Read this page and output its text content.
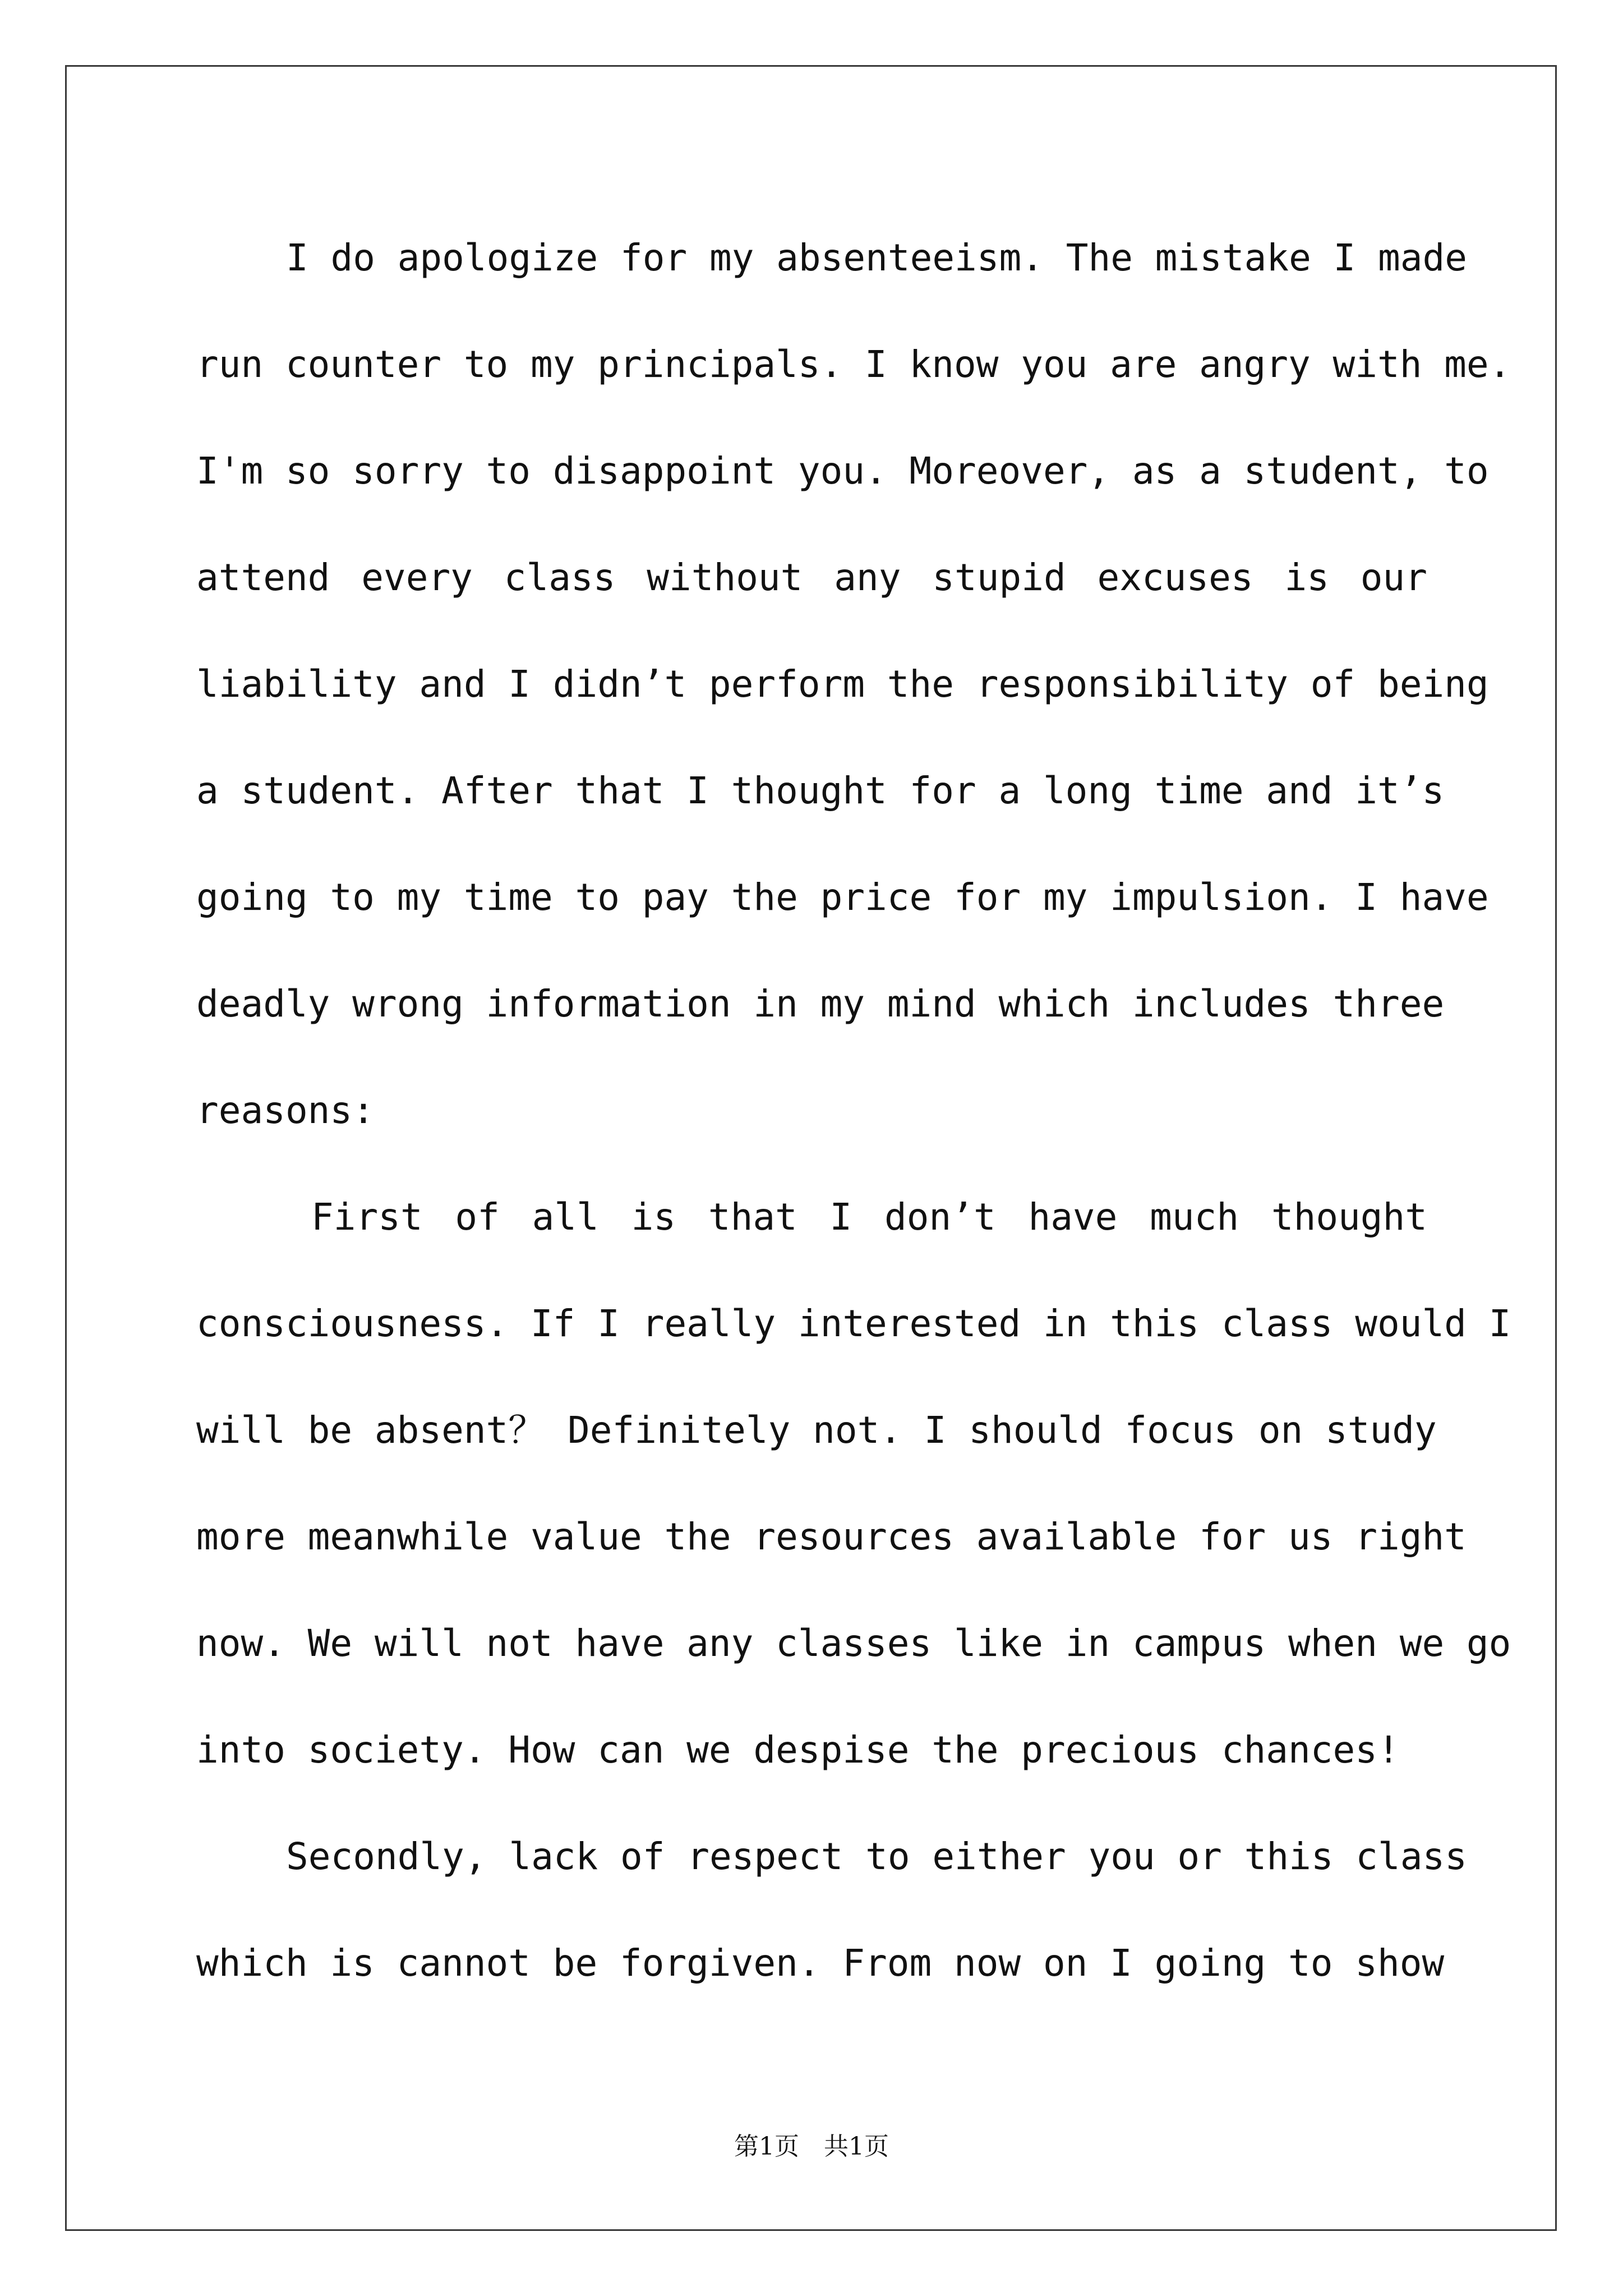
I do apologize for my absenteeism. The mistake I made
run counter to my principals. I know you are angry with me.
I'm so sorry to disappoint you. Moreover, as a student, to
attend every class without any stupid excuses is our
liability and I didn’t perform the responsibility of being
a student. After that I thought for a long time and it’s
going to my time to pay the price for my impulsion. I have
deadly wrong information in my mind which includes three
reasons:
First of all is that I don’t have much thought
consciousness. If I really interested in this class would I
will be absent？ Definitely not. I should focus on study
more meanwhile value the resources available for us right
now. We will not have any classes like in campus when we go
into society. How can we despise the precious chances!
Secondly, lack of respect to either you or this class
which is cannot be forgiven. From now on I going to show
第1页　共1页
